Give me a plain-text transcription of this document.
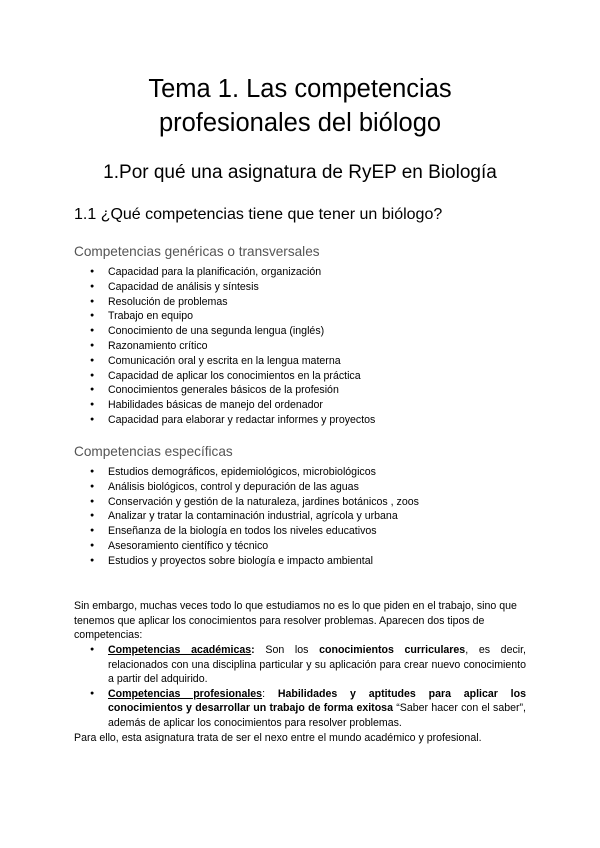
Tema 1. Las competencias
profesionales del biólogo
1.Por qué una asignatura de RyEP en Biología
1.1 ¿Qué competencias tiene que tener un biólogo?
Competencias genéricas o transversales
● Capacidad para la planificación, organización
● Capacidad de análisis y síntesis
● Resolución de problemas
● Trabajo en equipo
● Conocimiento de una segunda lengua (inglés)
● Razonamiento crítico
● Comunicación oral y escrita en la lengua materna
● Capacidad de aplicar los conocimientos en la práctica
● Conocimientos generales básicos de la profesión
● Habilidades básicas de manejo del ordenador
● Capacidad para elaborar y redactar informes y proyectos
Competencias específicas
● Estudios demográficos, epidemiológicos, microbiológicos
● Análisis biológicos, control y depuración de las aguas
● Conservación y gestión de la naturaleza, jardines botánicos , zoos
● Analizar y tratar la contaminación industrial, agrícola y urbana
● Enseñanza de la biología en todos los niveles educativos
● Asesoramiento científico y técnico
● Estudios y proyectos sobre biología e impacto ambiental

Sin embargo, muchas veces todo lo que estudiamos no es lo que piden en el trabajo, sino que tenemos que aplicar los conocimientos para resolver problemas. Aparecen dos tipos de competencias:

● Competencias académicas: Son los conocimientos curriculares, es decir, relacionados con una disciplina particular y su aplicación para crear nuevo conocimiento a partir del adquirido.
● Competencias profesionales: Habilidades y aptitudes para aplicar los conocimientos y desarrollar un trabajo de forma exitosa “Saber hacer con el saber”, además de aplicar los conocimientos para resolver problemas.

Para ello, esta asignatura trata de ser el nexo entre el mundo académico y profesional.
